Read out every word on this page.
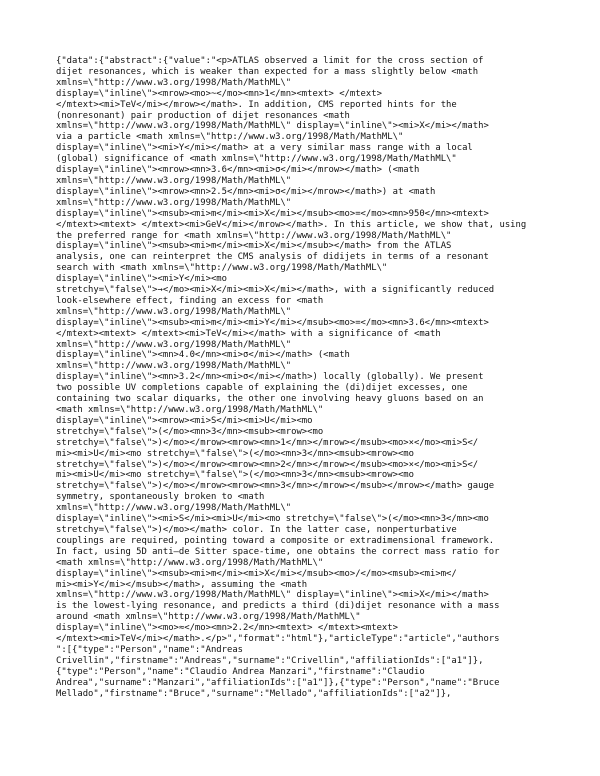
{"data":{"abstract":{"value":"<p>ATLAS observed a limit for the cross section of
dijet resonances, which is weaker than expected for a mass slightly below <math
xmlns=\"http://www.w3.org/1998/Math/MathML\"
display=\"inline\"><mrow><mo>~</mo><mn>1</mn><mtext> </mtext>
</mtext><mi>TeV</mi></mrow></math>. In addition, CMS reported hints for the
(nonresonant) pair production of dijet resonances <math
xmlns=\"http://www.w3.org/1998/Math/MathML\" display=\"inline\"><mi>X</mi></math>
via a particle <math xmlns=\"http://www.w3.org/1998/Math/MathML\"
display=\"inline\"><mi>Y</mi></math> at a very similar mass range with a local
(global) significance of <math xmlns=\"http://www.w3.org/1998/Math/MathML\"
display=\"inline\"><mrow><mn>3.6</mn><mi>σ</mi></mrow></math> (<math
xmlns=\"http://www.w3.org/1998/Math/MathML\"
display=\"inline\"><mrow><mn>2.5</mn><mi>σ</mi></mrow></math>) at <math
xmlns=\"http://www.w3.org/1998/Math/MathML\"
display=\"inline\"><msub><mi>m</mi><mi>X</mi></msub><mo>=</mo><mn>950</mn><mtext>
</mtext><mtext> </mtext><mi>GeV</mi></mrow></math>. In this article, we show that, using
the preferred range for <math xmlns=\"http://www.w3.org/1998/Math/MathML\"
display=\"inline\"><msub><mi>m</mi><mi>X</mi></msub></math> from the ATLAS
analysis, one can reinterpret the CMS analysis of didijets in terms of a resonant
search with <math xmlns=\"http://www.w3.org/1998/Math/MathML\"
display=\"inline\"><mi>Y</mi><mo
stretchy=\"false\">→</mo><mi>X</mi><mi>X</mi></math>, with a significantly reduced
look-elsewhere effect, finding an excess for <math
xmlns=\"http://www.w3.org/1998/Math/MathML\"
display=\"inline\"><msub><mi>m</mi><mi>Y</mi></msub><mo>=</mo><mn>3.6</mn><mtext>
</mtext><mtext> </mtext><mi>TeV</mi></math> with a significance of <math
xmlns=\"http://www.w3.org/1998/Math/MathML\"
display=\"inline\"><mn>4.0</mn><mi>σ</mi></math> (<math
xmlns=\"http://www.w3.org/1998/Math/MathML\"
display=\"inline\"><mn>3.2</mn><mi>σ</mi></math>) locally (globally). We present
two possible UV completions capable of explaining the (di)dijet excesses, one
containing two scalar diquarks, the other one involving heavy gluons based on an
<math xmlns=\"http://www.w3.org/1998/Math/MathML\"
display=\"inline\"><mrow><mi>S</mi><mi>U</mi><mo
stretchy=\"false\">(</mo><mn>3</mn><msub><mrow><mo
stretchy=\"false\">)</mo></mrow><mrow><mn>1</mn></mrow></msub><mo>×</mo><mi>S</
mi><mi>U</mi><mo stretchy=\"false\">(</mo><mn>3</mn><msub><mrow><mo
stretchy=\"false\">)</mo></mrow><mrow><mn>2</mn></mrow></msub><mo>×</mo><mi>S</
mi><mi>U</mi><mo stretchy=\"false\">(</mo><mn>3</mn><msub><mrow><mo
stretchy=\"false\">)</mo></mrow><mrow><mn>3</mn></mrow></msub></mrow></math> gauge
symmetry, spontaneously broken to <math
xmlns=\"http://www.w3.org/1998/Math/MathML\"
display=\"inline\"><mi>S</mi><mi>U</mi><mo stretchy=\"false\">(</mo><mn>3</mn><mo
stretchy=\"false\">)</mo></math> color. In the latter case, nonperturbative
couplings are required, pointing toward a composite or extradimensional framework.
In fact, using 5D anti–de Sitter space-time, one obtains the correct mass ratio for
<math xmlns=\"http://www.w3.org/1998/Math/MathML\"
display=\"inline\"><msub><mi>m</mi><mi>X</mi></msub><mo>/</mo><msub><mi>m</
mi><mi>Y</mi></msub></math>, assuming the <math
xmlns=\"http://www.w3.org/1998/Math/MathML\" display=\"inline\"><mi>X</mi></math>
is the lowest-lying resonance, and predicts a third (di)dijet resonance with a mass
around <math xmlns=\"http://www.w3.org/1998/Math/MathML\"
display=\"inline\"><mo>≈</mo><mn>2.2</mn><mtext> </mtext><mtext>
</mtext><mi>TeV</mi></math>.</p>","format":"html"},"articleType":"article","authors
":[{"type":"Person","name":"Andreas
Crivellin","firstname":"Andreas","surname":"Crivellin","affiliationIds":["a1"]},
{"type":"Person","name":"Claudio Andrea Manzari","firstname":"Claudio
Andrea","surname":"Manzari","affiliationIds":["a1"]},{"type":"Person","name":"Bruce
Mellado","firstname":"Bruce","surname":"Mellado","affiliationIds":["a2"]},
